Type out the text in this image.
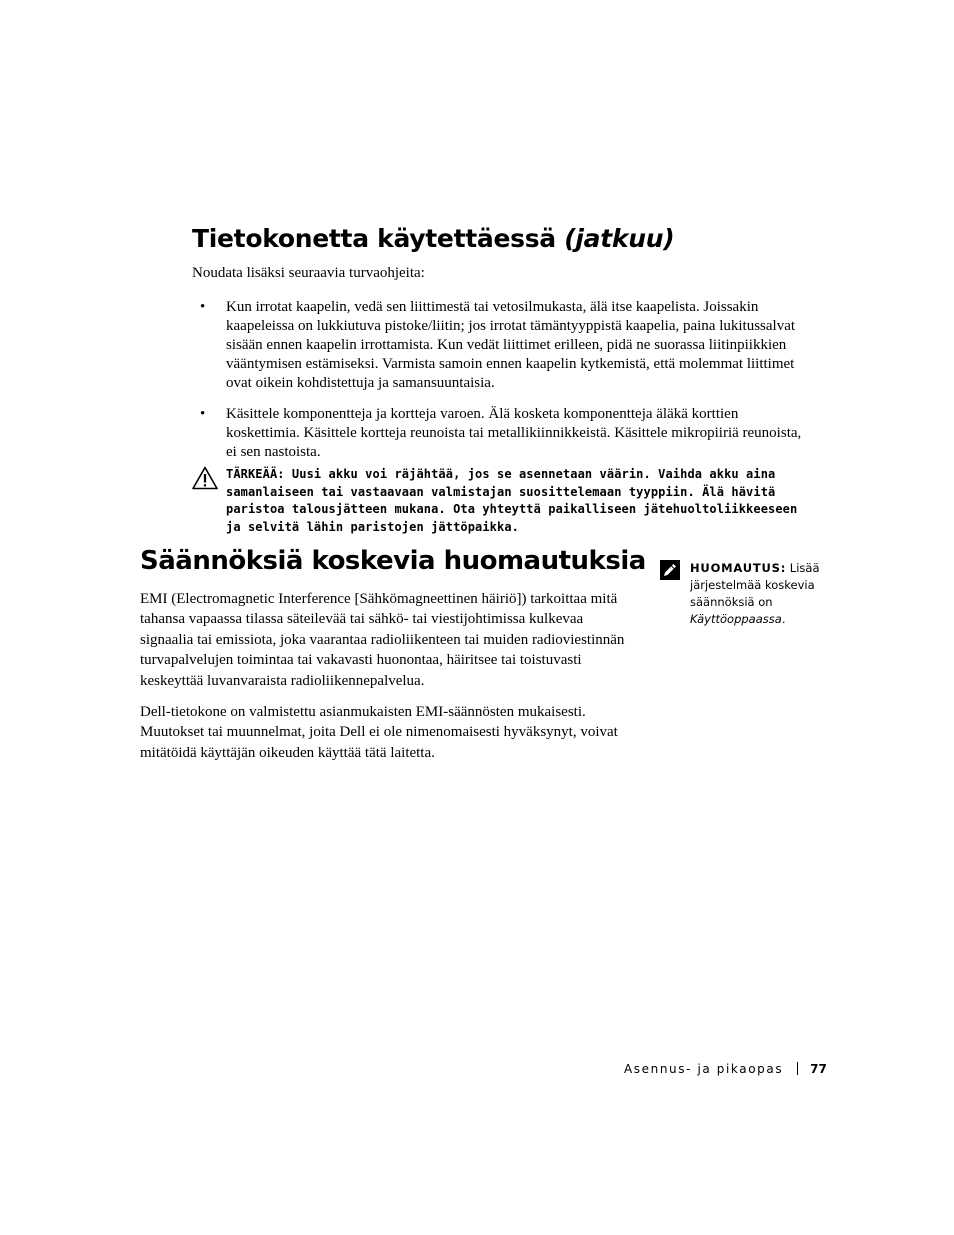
Tietokonetta käytettäessä (jatkuu)

Noudata lisäksi seuraavia turvaohjeita:

• Kun irrotat kaapelin, vedä sen liittimestä tai vetosilmukasta, älä itse kaapelista. Joissakin kaapeleissa on lukkiutuva pistoke/liitin; jos irrotat tämäntyyppistä kaapelia, paina lukitussalvat sisään ennen kaapelin irrottamista. Kun vedät liittimet erilleen, pidä ne suorassa liitinpiikkien vääntymisen estämiseksi. Varmista samoin ennen kaapelin kytkemistä, että molemmat liittimet ovat oikein kohdistettuja ja samansuuntaisia.
• Käsittele komponentteja ja kortteja varoen. Älä kosketa komponentteja äläkä korttien koskettimia. Käsittele kortteja reunoista tai metallikiinnikkeistä. Käsittele mikropiiriä reunoista, ei sen nastoista.

TÄRKEÄÄ: Uusi akku voi räjähtää, jos se asennetaan väärin. Vaihda akku aina samanlaiseen tai vastaavaan valmistajan suosittelemaan tyyppiin. Älä hävitä paristoa talousjätteen mukana. Ota yhteyttä paikalliseen jätehuoltoliikkeeseen ja selvitä lähin paristojen jättöpaikka.

Säännöksiä koskevia huomautuksia

EMI (Electromagnetic Interference [Sähkömagneettinen häiriö]) tarkoittaa mitä tahansa vapaassa tilassa säteilevää tai sähkö- tai viestijohtimissa kulkevaa signaalia tai emissiota, joka vaarantaa radioliikenteen tai muiden radioviestinnän turvapalvelujen toimintaa tai vakavasti huonontaa, häiritsee tai toistuvasti keskeyttää luvanvaraista radioliikennepalvelua.

Dell-tietokone on valmistettu asianmukaisten EMI-säännösten mukaisesti. Muutokset tai muunnelmat, joita Dell ei ole nimenomaisesti hyväksynyt, voivat mitätöidä käyttäjän oikeuden käyttää tätä laitetta.

HUOMAUTUS: Lisää järjestelmää koskevia säännöksiä on Käyttöoppaassa.

Asennus- ja pikaopas 77
